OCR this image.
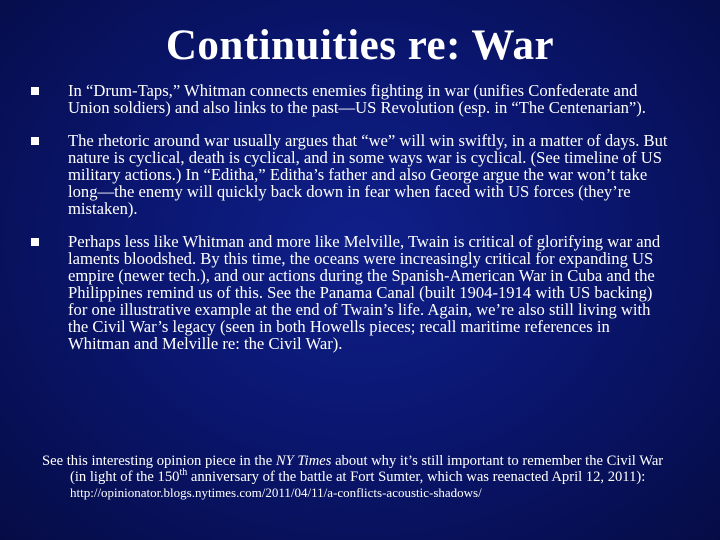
Continuities re: War
In “Drum-Taps,” Whitman connects enemies fighting in war (unifies Confederate and Union soldiers) and also links to the past—US Revolution (esp. in “The Centenarian”).
The rhetoric around war usually argues that “we” will win swiftly, in a matter of days. But nature is cyclical, death is cyclical, and in some ways war is cyclical. (See timeline of US military actions.) In “Editha,” Editha’s father and also George argue the war won’t take long—the enemy will quickly back down in fear when faced with US forces (they’re mistaken).
Perhaps less like Whitman and more like Melville, Twain is critical of glorifying war and laments bloodshed. By this time, the oceans were increasingly critical for expanding US empire (newer tech.), and our actions during the Spanish-American War in Cuba and the Philippines remind us of this. See the Panama Canal (built 1904-1914 with US backing) for one illustrative example at the end of Twain’s life. Again, we’re also still living with the Civil War’s legacy (seen in both Howells pieces; recall maritime references in Whitman and Melville re: the Civil War).
See this interesting opinion piece in the NY Times about why it’s still important to remember the Civil War (in light of the 150th anniversary of the battle at Fort Sumter, which was reenacted April 12, 2011): http://opinionator.blogs.nytimes.com/2011/04/11/a-conflicts-acoustic-shadows/
